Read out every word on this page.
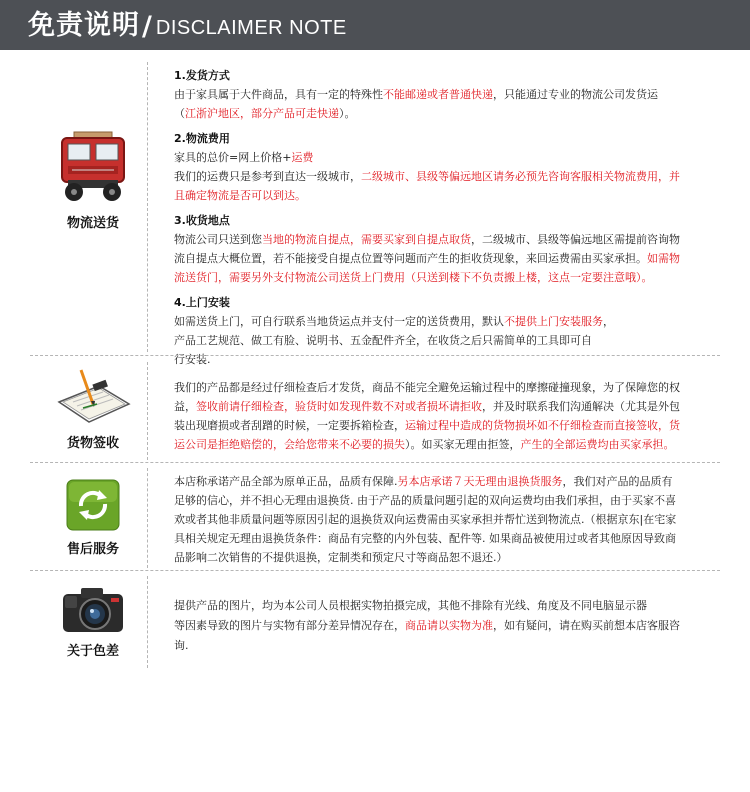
免责说明 / DISCLAIMER NOTE
物流送货

1.发货方式

由于家具属于大件商品，具有一定的特殊性不能邮递或者普通快递，只能通过专业的物流公司发货运

（江浙沪地区，部分产品可走快递）。

2.物流费用

家具的总价=网上价格+运费

我们的运费只是参考到直达一级城市，二级城市、县级等偏远地区请务必预先咨询客服相关物流费用，并

且确定物流是否可以到达。

3.收货地点

物流公司只送到您当地的物流自提点，需要买家到自提点取货，二级城市、县级等偏远地区需提前咨询物

流自提点大概位置，若不能接受自提点位置等问题而产生的拒收货现象，来回运费需由买家承担。如需物

流送货门，需要另外支付物流公司送货上门费用（只送到楼下不负责搬上楼，这点一定要注意哦）。

4.上门安装

如需送货上门，可自行联系当地货运点并支付一定的送货费用，默认不提供上门安装服务，

产品工艺规范、做工有脸、说明书、五金配件齐全，在收货之后只需简单的工具即可自

行安装.

货物签收

我们的产品都是经过仔细检查后才发货，商品不能完全避免运输过程中的摩擦碰撞现象，为了保障您的权

益，签收前请仔细检查，验货时如发现件数不对或者损坏请拒收，并及时联系我们沟通解决（尤其是外包

装出现磨损或者刮蹭的时候，一定要拆箱检查，运输过程中造成的货物损坏如不仔细检查而直接签收，货

运公司是拒绝赔偿的，会给您带来不必要的损失）。如买家无理由拒签，产生的全部运费均由买家承担。

售后服务

本店称承诺产品全部为原单正品，品质有保障.另本店承诺７天无理由退换货服务，我们对产品的品质有

足够的信心，并不担心无理由退换货. 由于产品的质量问题引起的双向运费均由我们承担，由于买家不喜

欢或者其他非质量问题等原因引起的退换货双向运费需由买家承担并帮忙送到物流点.（根据京东|在宅家

具相关规定无理由退换货条件：商品有完整的内外包装、配件等. 如果商品被使用过或者其他原因导致商

品影响二次销售的不提供退换，定制类和预定尺寸等商品恕不退还.）

关于色差

提供产品的图片，均为本公司人员根据实物拍摄完成，其他不排除有光线、角度及不同电脑显示器

等因素导致的图片与实物有部分差异情况存在，商品请以实物为准，如有疑问，请在购买前想本店客服咨

询.
